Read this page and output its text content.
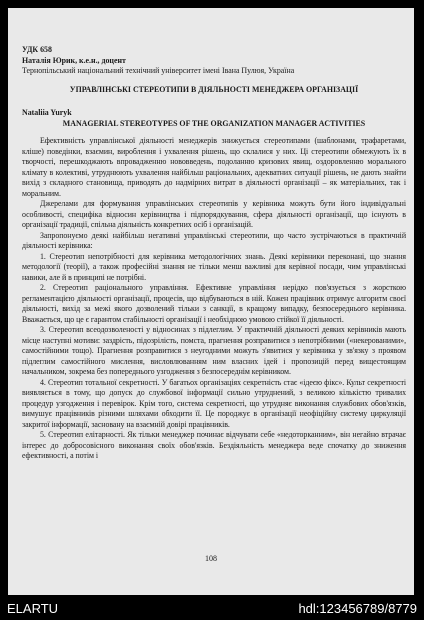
УДК 658

Наталія Юрик, к.е.н., доцент

Тернопільський національний технічний університет імені Івана Пулюя, Україна

УПРАВЛІНСЬКІ СТЕРЕОТИПИ В ДІЯЛЬНОСТІ МЕНЕДЖЕРА ОРГАНІЗАЦІЇ

Nataliia Yuryk

MANAGERIAL STEREOTYPES OF THE ORGANIZATION MANAGER ACTIVITIES

Ефективність управлінської діяльності менеджерів знижується стереотипами (шаблонами, трафаретами, кліше) поведінки, взаємин, вироблення і ухвалення рішень, що склалися у них. Ці стереотипи обмежують їх в творчості, перешкоджають впровадженню нововведень, подоланню кризових явищ, оздоровленню морального клімату в колективі, утруднюють ухвалення найбільш раціональних, адекватних ситуації рішень, не дають знайти вихід з складного становища, приводять до надмірних витрат в діяльності організації – як матеріальних, так і моральним.

Джерелами для формування управлінських стереотипів у керівника можуть бути його індивідуальні особливості, специфіка відносин керівництва і підпорядкування, сфера діяльності організації, що існують в організації традиції, спільна діяльність конкретних осіб і організацій.

Запропонуємо деякі найбільш негативні управлінські стереотипи, що часто зустрічаються в практичній діяльності керівника:

1. Стереотип непотрібності для керівника методологічних знань. Деякі керівники переконані, що знання методології (теорії), а також професійні знання не тільки менш важливі для керівної посади, чим управлінські навики, але й в принципі не потрібні.

2. Стереотип раціонального управління. Ефективне управління нерідко пов'язується з жорсткою регламентацією діяльності організації, процесів, що відбуваються в ній. Кожен працівник отримує алгоритм своєї діяльності, вихід за межі якого дозволений тільки з санкції, в кращому випадку, безпосереднього керівника. Вважається, що це є гарантом стабільності організації і необхідною умовою стійкої її діяльності.

3. Стереотип всеодозволеності у відносинах з підлеглим. У практичній діяльності деяких керівників мають місце наступні мотиви: заздрість, підозрілість, помста, прагнення розправитися з непотрібними («некерованими», самостійними тощо). Прагнення розправитися з неугодними можуть з'явитися у керівника у зв'язку з проявом підлеглим самостійного мислення, висловлюванням ним власних ідей і пропозицій перед вищестоящим начальником, зокрема без попереднього узгодження з безпосереднім керівником.

4. Стереотип тотальної секретності. У багатьох організаціях секретність стає «ідеєю фікс». Культ секретності виявляється в тому, що допуск до службової інформації сильно утруднений, з великою кількістю тривалих процедур узгодження і перевірок. Крім того, система секретності, що утрудняє виконання службових обов'язків, вимушує працівників різними шляхами обходити її. Це породжує в організації неофіційну систему циркуляції закритої інформації, засновану на взаємній довірі працівників.

5. Стереотип елітарності. Як тільки менеджер починає відчувати себе «недоторканним», він негайно втрачає інтерес до добросовісного виконання своїх обов'язків. Бездіяльність менеджера веде спочатку до зниження ефективності, а потім і

108
ELARTU	hdl:123456789/8779
